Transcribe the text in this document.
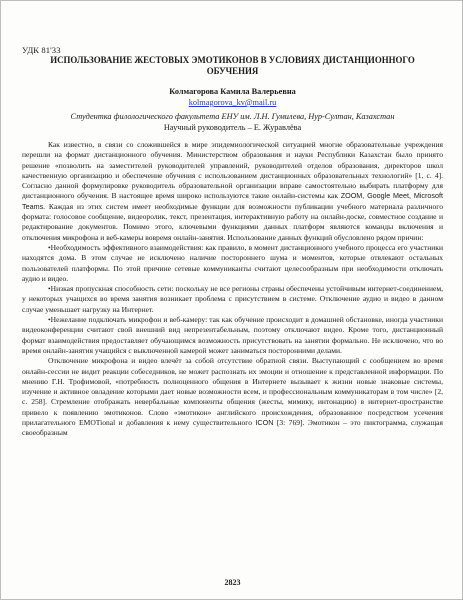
УДК 81'33
ИСПОЛЬЗОВАНИЕ ЖЕСТОВЫХ ЭМОТИКОНОВ В УСЛОВИЯХ ДИСТАНЦИОННОГО ОБУЧЕНИЯ
Колмагорова Камила Валерьевна
kolmagorova_kv@mail.ru
Студентка филологического факультета ЕНУ им. Л.Н. Гумилева, Нур-Султан, Казахстан
Научный руководитель – Е. Журавлёва

Как известно, в связи со сложившейся в мире эпидемиологической ситуацией многие образовательные учреждения перешли на формат дистанционного обучения. Министерством образования и науки Республики Казахстан было принято решение «позволить на заместителей руководителей управлений, руководителей отделов образования, директоров школ качественную организацию и обеспечение обучения с использованием дистанционных образовательных технологий» [1, с. 4]. Согласно данной формулировке руководитель образовательной организации вправе самостоятельно выбирать платформу для дистанционного обучения. В настоящее время широко используются такие онлайн-системы как ZOOM, Google Meet, Microsoft Teams. Каждая из этих систем имеет необходимые функции для возможности публикации учебного материала различного формата: голосовое сообщение, видеоролик, текст, презентация, интерактивную работу на онлайн-доске, совместное создание и редактирование документов. Помимо этого, ключевыми функциями данных платформ являются команды включения и отключения микрофона и веб-камеры вовремя онлайн-занятия. Использование данных функций обусловлено рядом причин:

•Необходимость эффективного взаимодействия: как правило, в момент дистанционного учебного процесса его участники находятся дома. В этом случае не исключено наличие постороннего шума и моментов, которые отвлекают остальных пользователей платформы. По этой причине сетевые коммуниканты считают целесообразным при необходимости отключать аудио и видео.

•Низкая пропускная способность сети: поскольку не все регионы страны обеспечены устойчивым интернет-соединением, у некоторых учащихся во время занятия возникает проблема с присутствием в системе. Отключение аудио и видео в данном случае уменьшает нагрузку на Интернет.

•Нежелание подключать микрофон и веб-камеру: так как обучение происходит в домашней обстановке, иногда участники видеоконференции считают свой внешний вид непрезентабельным, поэтому отключают видео. Кроме того, дистанционный формат взаимодействия предоставляет обучающимся возможность присутствовать на занятии формально. Не исключено, что во время онлайн-занятия учащийся с выключенной камерой может заниматься посторонними делами.

Отключение микрофона и видео влечёт за собой отсутствие обратной связи. Выступающий с сообщением во время онлайн-сессии не видит реакции собеседников, не может распознать их эмоции и отношение к представленной информации. По мнению Г.Н. Трофимовой, «потребность полноценного общения в Интернете вызывает к жизни новые знаковые системы, изучение и активное овладение которыми дает новые возможности всем, и профессиональным коммуникаторам в том числе» [2, с. 258]. Стремление отображать невербальные компоненты общения (жесты, мимику, интонацию) в интернет-пространстве привело к появлению эмотиконов. Слово «эмотикон» английского происхождения, образованное посредством усечения прилагательного EMOTional и добавления к нему существительного ICON [3: 769]. Эмотикон – это пиктограмма, служащая своеобразным

2823
